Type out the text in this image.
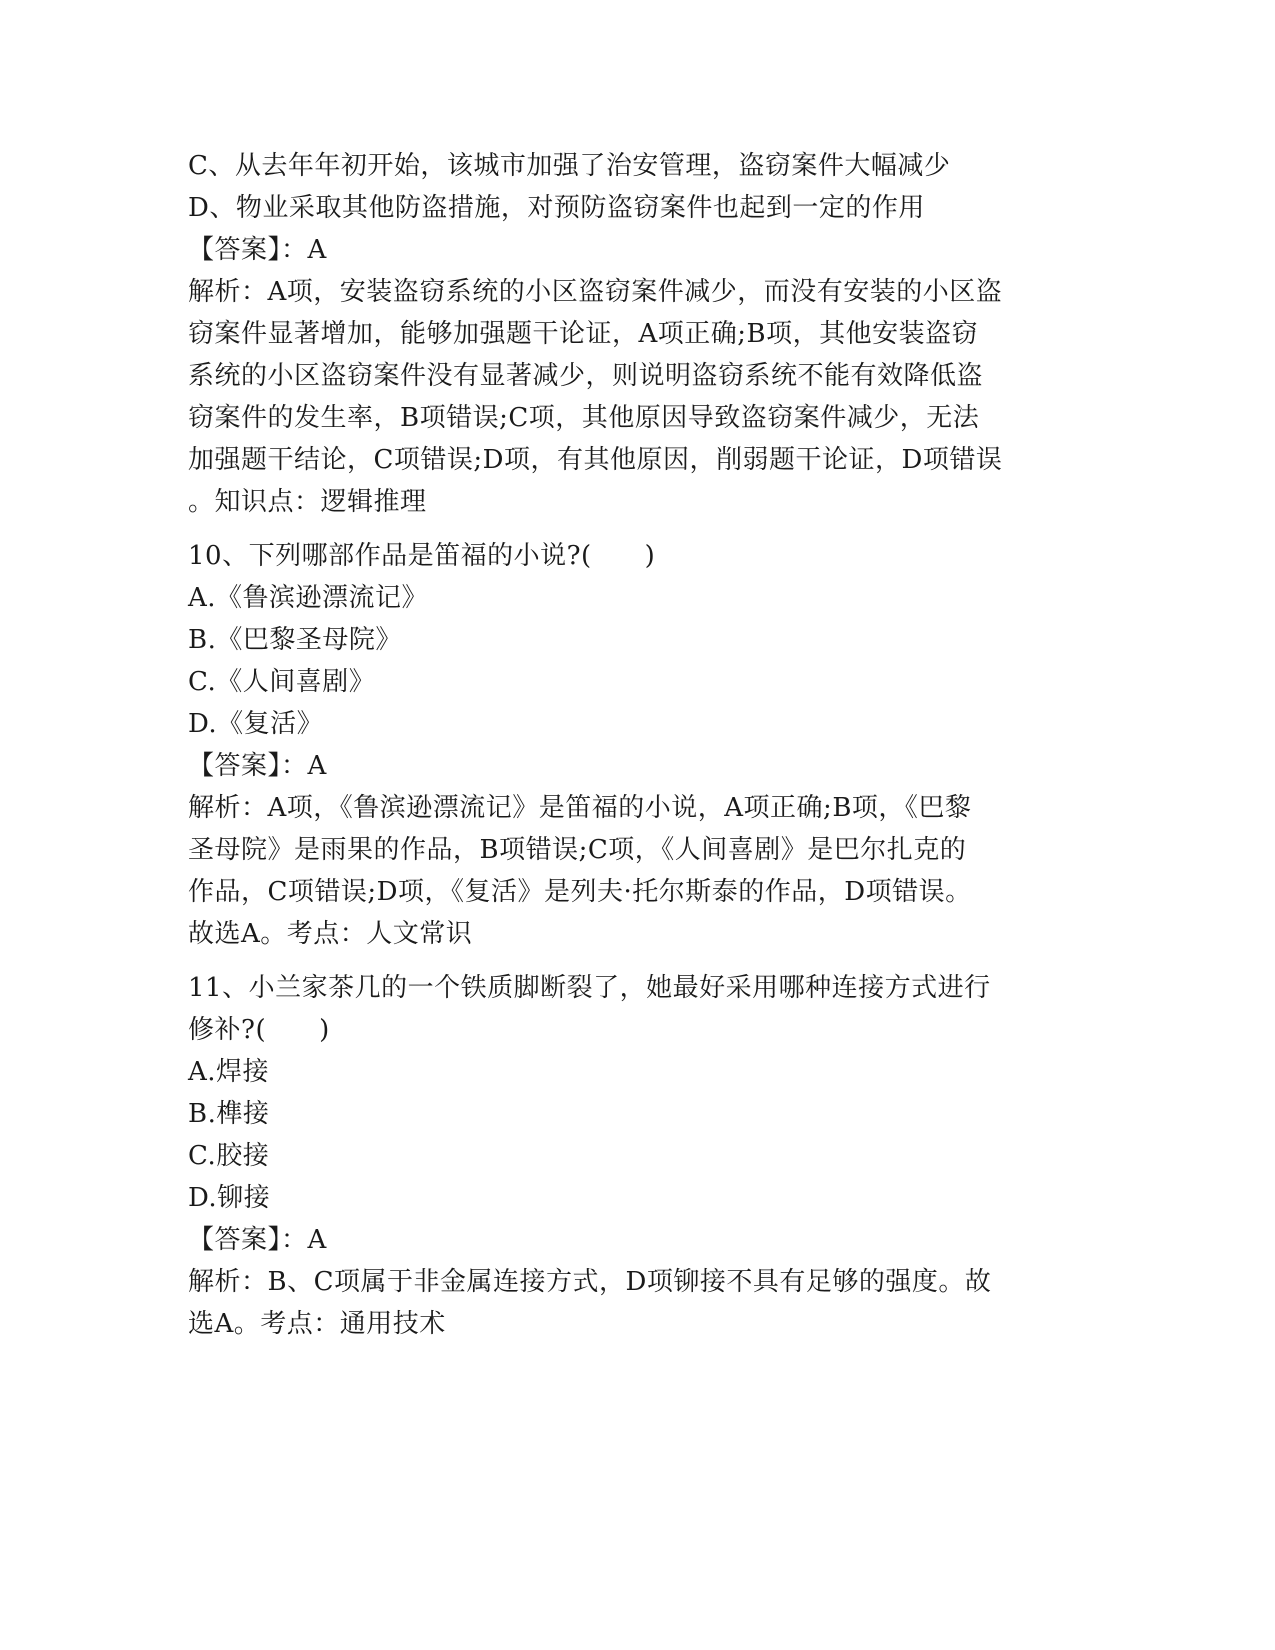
C、从去年年初开始，该城市加强了治安管理，盗窃案件大幅减少
D、物业采取其他防盗措施，对预防盗窃案件也起到一定的作用
【答案】：A
解析：A项，安装盗窃系统的小区盗窃案件减少，而没有安装的小区盗
窃案件显著增加，能够加强题干论证，A项正确;B项，其他安装盗窃
系统的小区盗窃案件没有显著减少，则说明盗窃系统不能有效降低盗
窃案件的发生率，B项错误;C项，其他原因导致盗窃案件减少，无法
加强题干结论，C项错误;D项，有其他原因，削弱题干论证，D项错误
。知识点：逻辑推理
10、下列哪部作品是笛福的小说?(　　)
A.《鲁滨逊漂流记》
B.《巴黎圣母院》
C.《人间喜剧》
D.《复活》
【答案】：A
解析：A项，《鲁滨逊漂流记》是笛福的小说，A项正确;B项，《巴黎
圣母院》是雨果的作品，B项错误;C项，《人间喜剧》是巴尔扎克的
作品，C项错误;D项，《复活》是列夫·托尔斯泰的作品，D项错误。
故选A。考点：人文常识
11、小兰家茶几的一个铁质脚断裂了，她最好采用哪种连接方式进行
修补?(　　)
A.焊接
B.榫接
C.胶接
D.铆接
【答案】：A
解析：B、C项属于非金属连接方式，D项铆接不具有足够的强度。故
选A。考点：通用技术
